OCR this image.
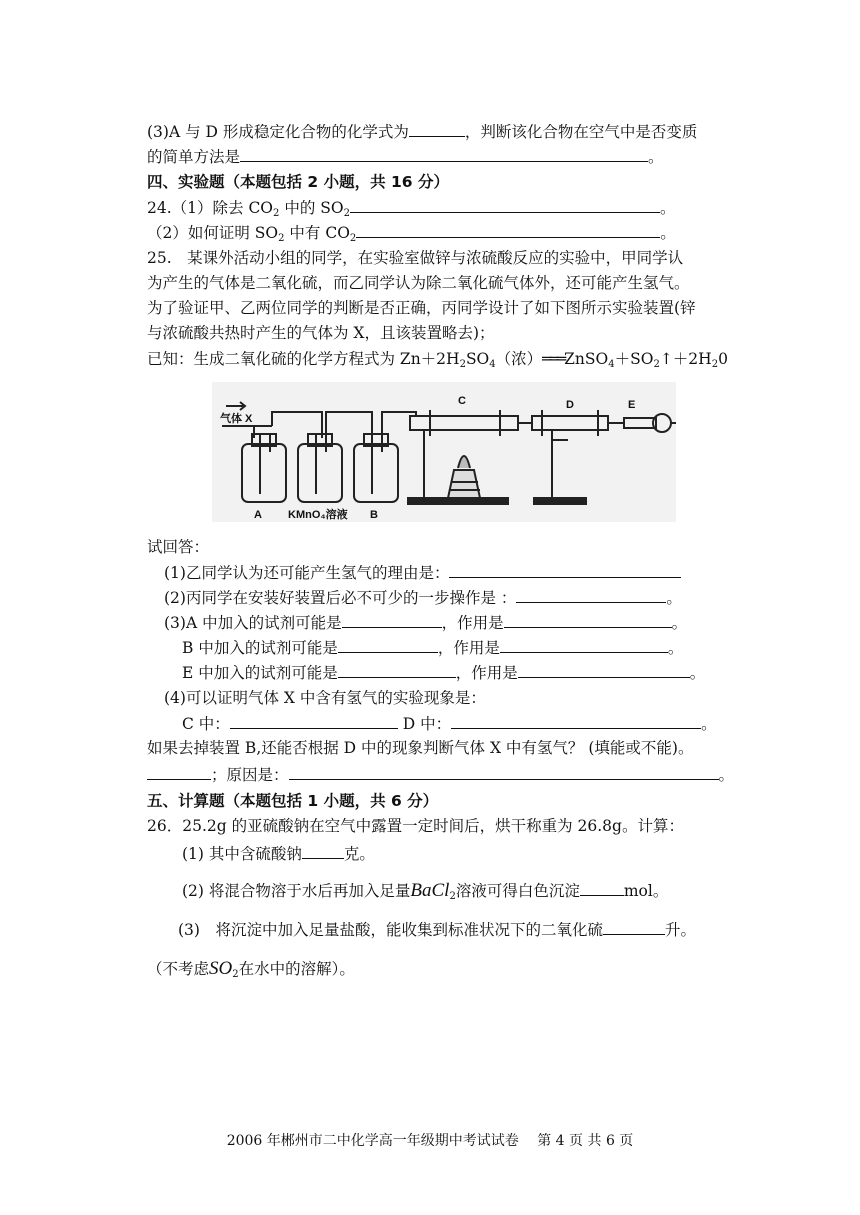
(3)A 与 D 形成稳定化合物的化学式为	，判断该化合物在空气中是否变质
的简单方法是	。
四、实验题（本题包括 2 小题，共 16 分）
24.（1）除去 $CO_2$ 中的 $SO_2$	。
（2）如何证明 $SO_2$ 中有 $CO_2$	。
25.　某课外活动小组的同学，在实验室做锌与浓硫酸反应的实验中，甲同学认
为产生的气体是二氧化硫，而乙同学认为除二氧化硫气体外，还可能产生氢气。
为了验证甲、乙两位同学的判断是否正确，丙同学设计了如下图所示实验装置(锌
与浓硫酸共热时产生的气体为 X，且该装置略去)；
已知：生成二氧化硫的化学方程式为 $Zn+2H_2SO_4$（浓）$═══ZnSO_4+SO_2↑+2H_20$
气体 X
A KMnO₄溶液 B
C	D	E
试回答：
(1)乙同学认为还可能产生氢气的理由是：
(2)丙同学在安装好装置后必不可少的一步操作是 ：	。
(3)A 中加入的试剂可能是	，作用是	。
B 中加入的试剂可能是	，作用是	。
E 中加入的试剂可能是	，作用是	。
(4)可以证明气体 X 中含有氢气的实验现象是：
C 中：	D 中：	。
如果去掉装置 B,还能否根据 D 中的现象判断气体 X 中有氢气？ (填能或不能)。
；原因是：	。
五、计算题（本题包括 1 小题，共 6 分）
26．25.2g 的亚硫酸钠在空气中露置一定时间后，烘干称重为 26.8g。计算：
(1) 其中含硫酸钠	克。
(2) 将混合物溶于水后再加入足量BaCl$_2$溶液可得白色沉淀	mol。
(3)　将沉淀中加入足量盐酸，能收集到标准状况下的二氧化硫	升。
（不考虑$SO_2$在水中的溶解）。
2006 年郴州市二中化学高一年级期中考试试卷　 第 4 页 共 6 页
